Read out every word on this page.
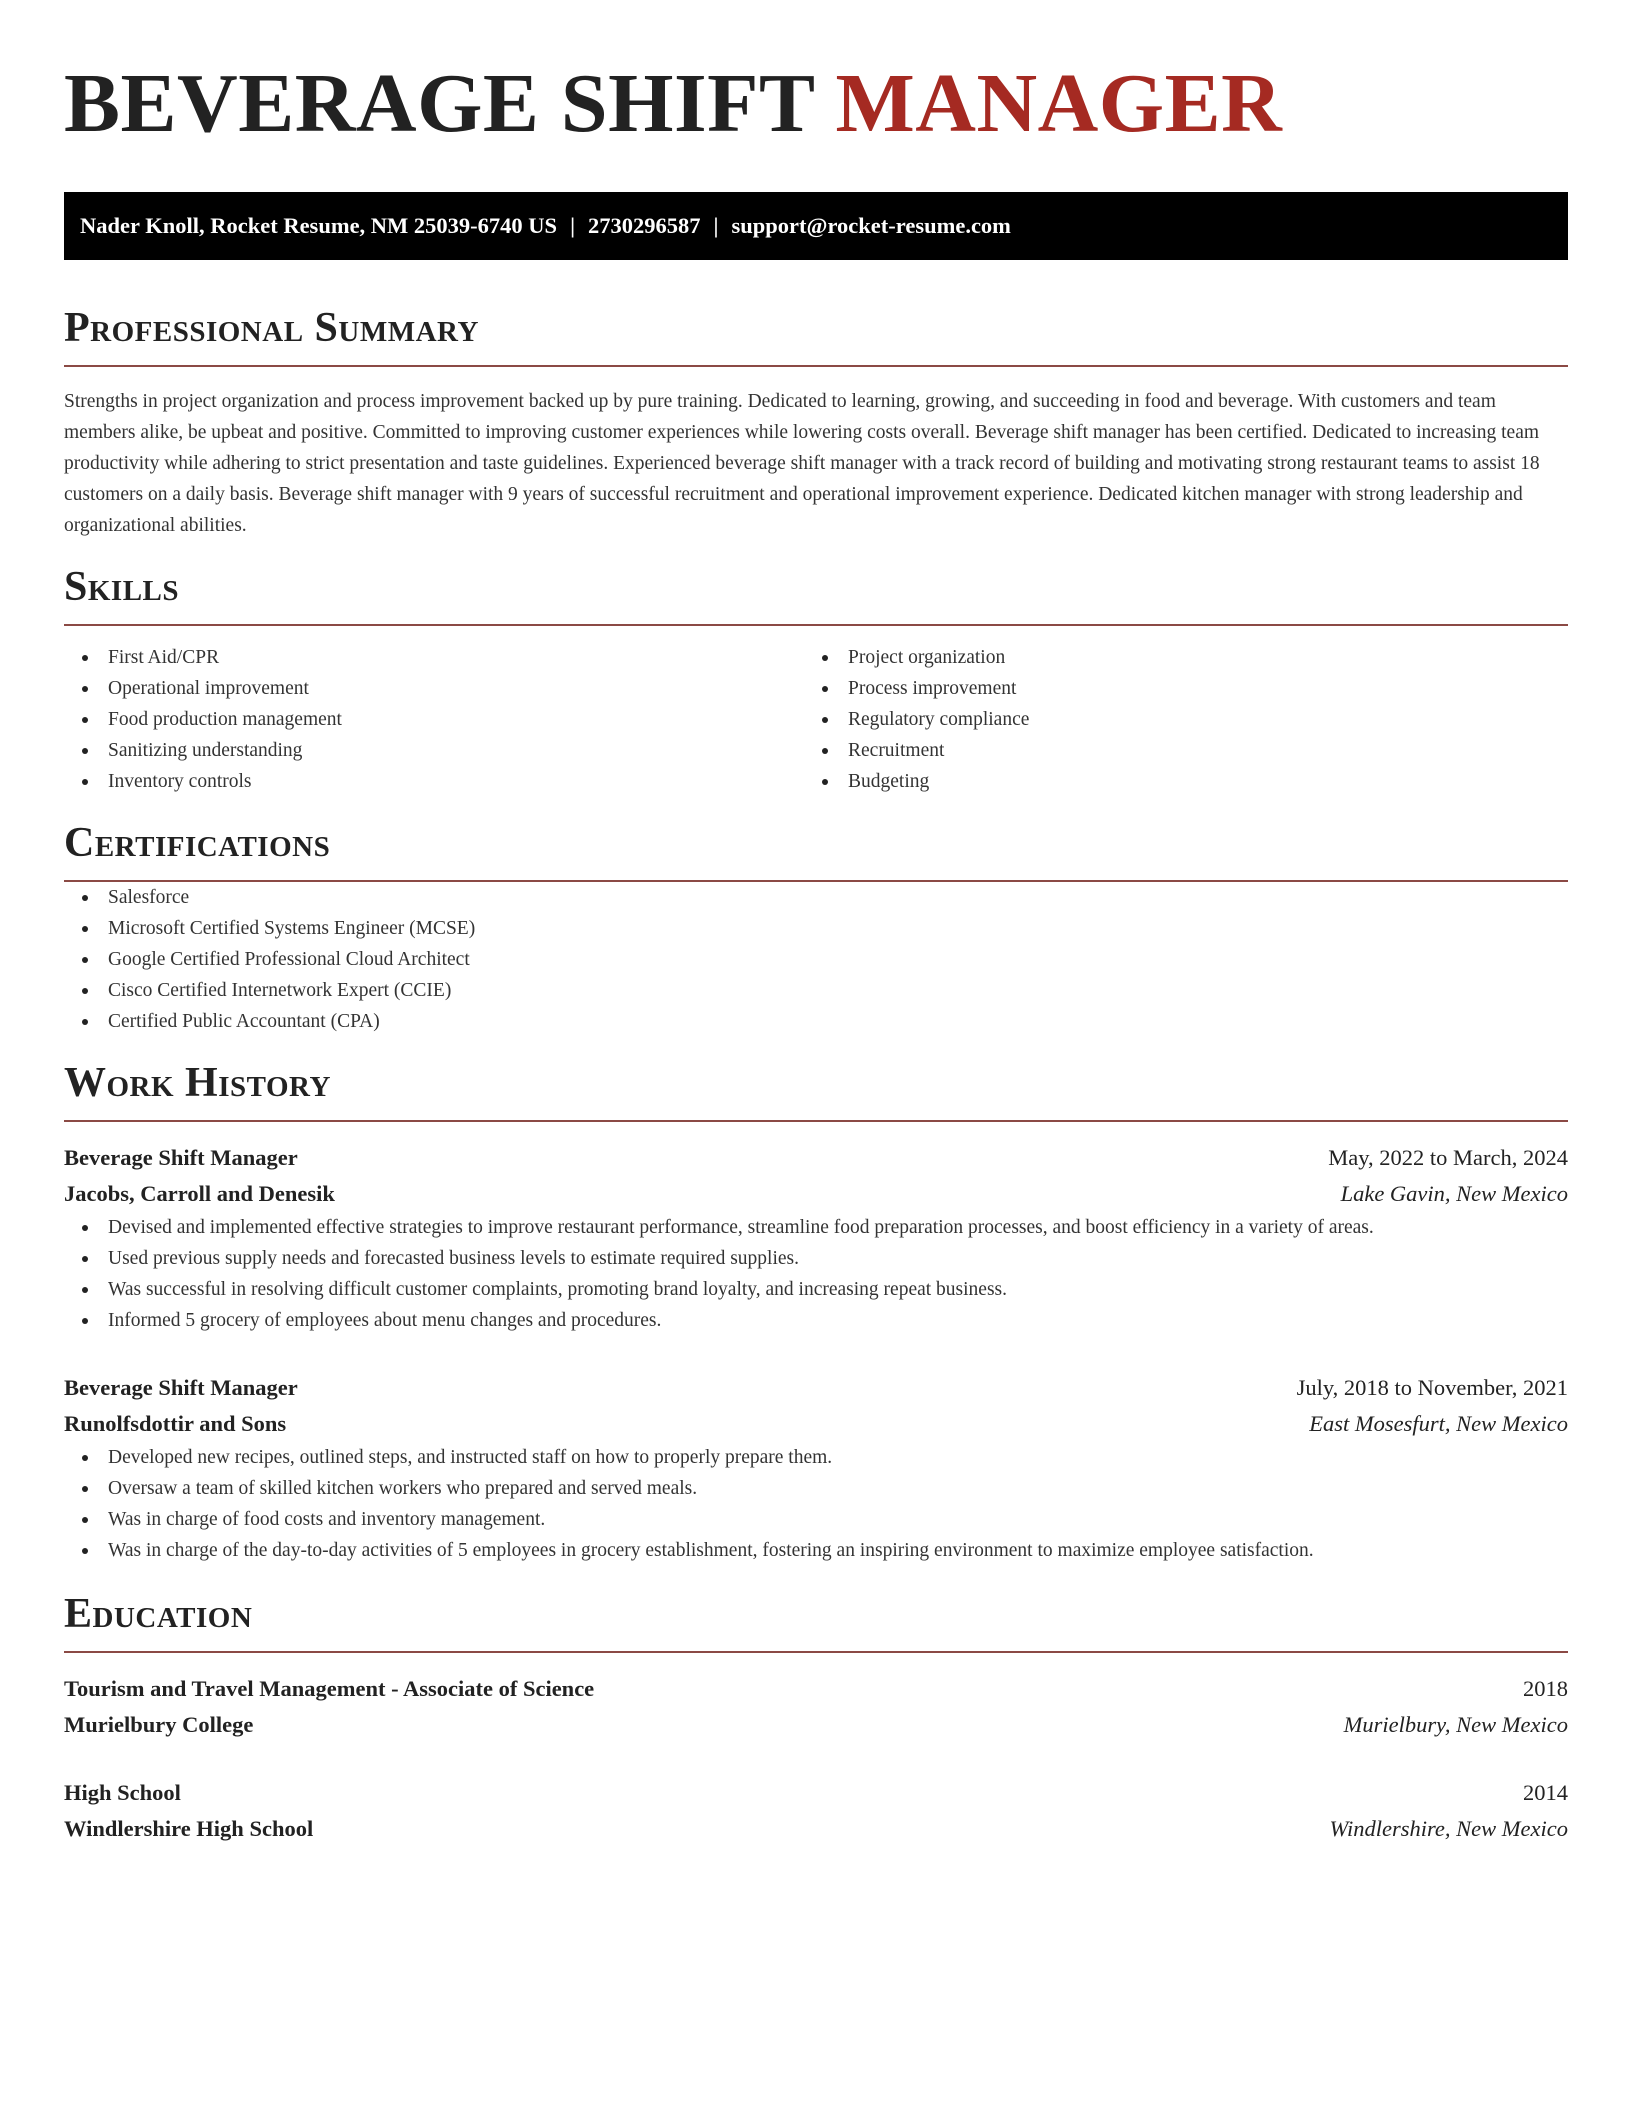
BEVERAGE SHIFT MANAGER
Nader Knoll, Rocket Resume, NM 25039-6740 US | 2730296587 | support@rocket-resume.com
Professional Summary

Strengths in project organization and process improvement backed up by pure training. Dedicated to learning, growing, and succeeding in food and beverage. With customers and team members alike, be upbeat and positive. Committed to improving customer experiences while lowering costs overall. Beverage shift manager has been certified. Dedicated to increasing team productivity while adhering to strict presentation and taste guidelines. Experienced beverage shift manager with a track record of building and motivating strong restaurant teams to assist 18 customers on a daily basis. Beverage shift manager with 9 years of successful recruitment and operational improvement experience. Dedicated kitchen manager with strong leadership and organizational abilities.

Skills
First Aid/CPR
Operational improvement
Food production management
Sanitizing understanding
Inventory controls
Project organization
Process improvement
Regulatory compliance
Recruitment
Budgeting
Certifications
Salesforce
Microsoft Certified Systems Engineer (MCSE)
Google Certified Professional Cloud Architect
Cisco Certified Internetwork Expert (CCIE)
Certified Public Accountant (CPA)
Work History
Beverage Shift Manager	May, 2022 to March, 2024
Jacobs, Carroll and Denesik	Lake Gavin, New Mexico
Devised and implemented effective strategies to improve restaurant performance, streamline food preparation processes, and boost efficiency in a variety of areas.
Used previous supply needs and forecasted business levels to estimate required supplies.
Was successful in resolving difficult customer complaints, promoting brand loyalty, and increasing repeat business.
Informed 5 grocery of employees about menu changes and procedures.
Beverage Shift Manager	July, 2018 to November, 2021
Runolfsdottir and Sons	East Mosesfurt, New Mexico
Developed new recipes, outlined steps, and instructed staff on how to properly prepare them.
Oversaw a team of skilled kitchen workers who prepared and served meals.
Was in charge of food costs and inventory management.
Was in charge of the day-to-day activities of 5 employees in grocery establishment, fostering an inspiring environment to maximize employee satisfaction.
Education
Tourism and Travel Management - Associate of Science	2018
Murielbury College	Murielbury, New Mexico
High School	2014
Windlershire High School	Windlershire, New Mexico
